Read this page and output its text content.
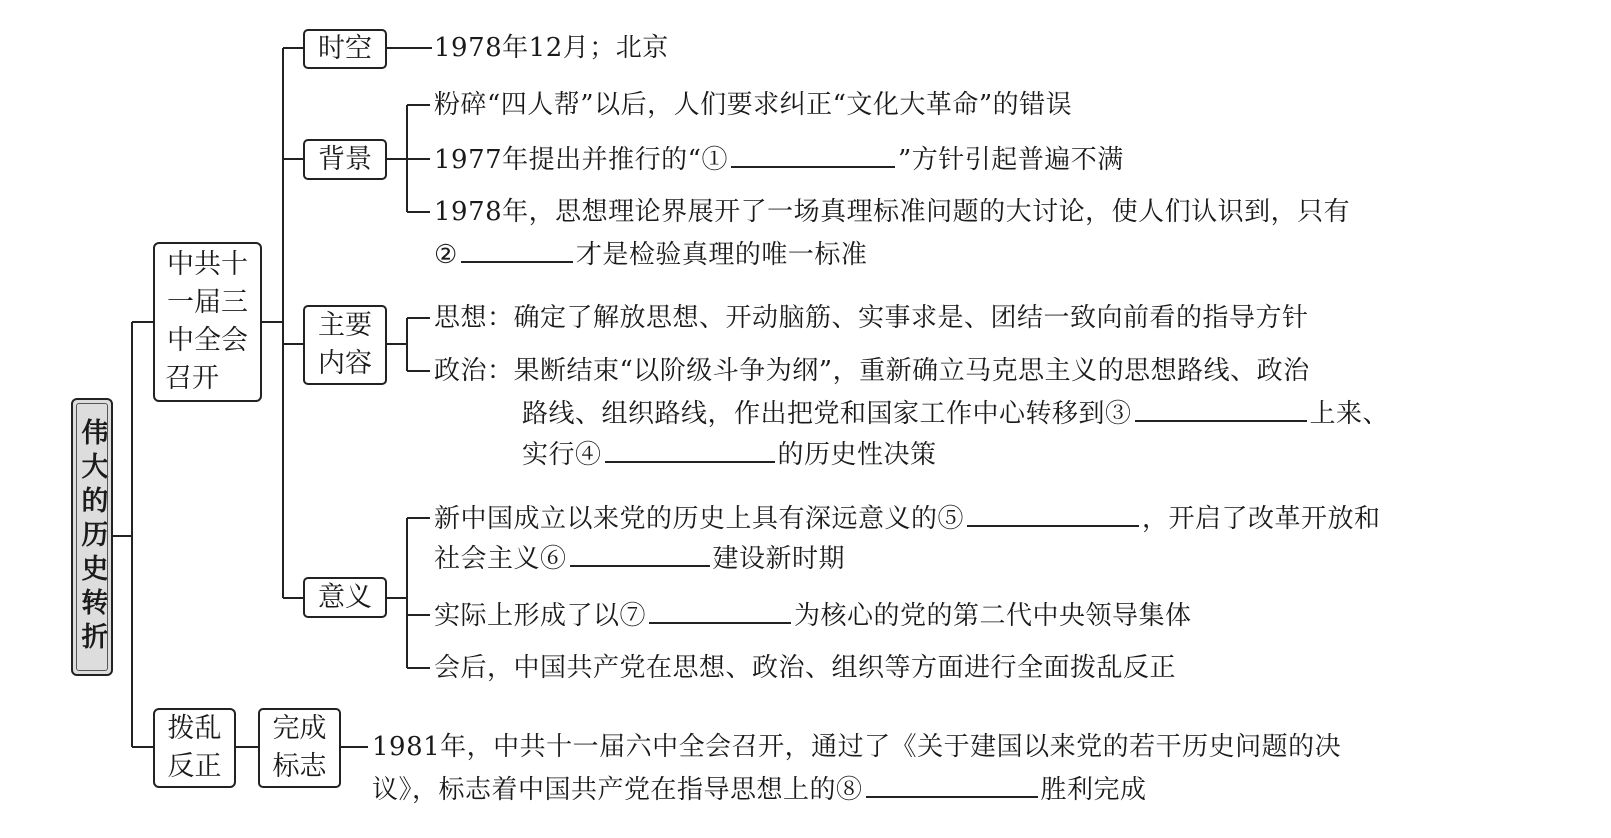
伟大的历史转折
中共十
一届三
中全会
召开
拨乱
反正
时空
背景
主要
内容
意义
完成
标志
1978年12月；北京
粉碎“四人帮”以后，人们要求纠正“文化大革命”的错误
1977年提出并推行的“①	”方针引起普遍不满
1978年，思想理论界展开了一场真理标准问题的大讨论，使人们认识到，只有
②	才是检验真理的唯一标准
思想：确定了解放思想、开动脑筋、实事求是、团结一致向前看的指导方针
政治：果断结束“以阶级斗争为纲”，重新确立马克思主义的思想路线、政治
路线、组织路线，作出把党和国家工作中心转移到③	上来、
实行④	的历史性决策
新中国成立以来党的历史上具有深远意义的⑤	，开启了改革开放和
社会主义⑥	建设新时期
实际上形成了以⑦	为核心的党的第二代中央领导集体
会后，中国共产党在思想、政治、组织等方面进行全面拨乱反正
1981年，中共十一届六中全会召开，通过了《关于建国以来党的若干历史问题的决
议》，标志着中国共产党在指导思想上的⑧	胜利完成
